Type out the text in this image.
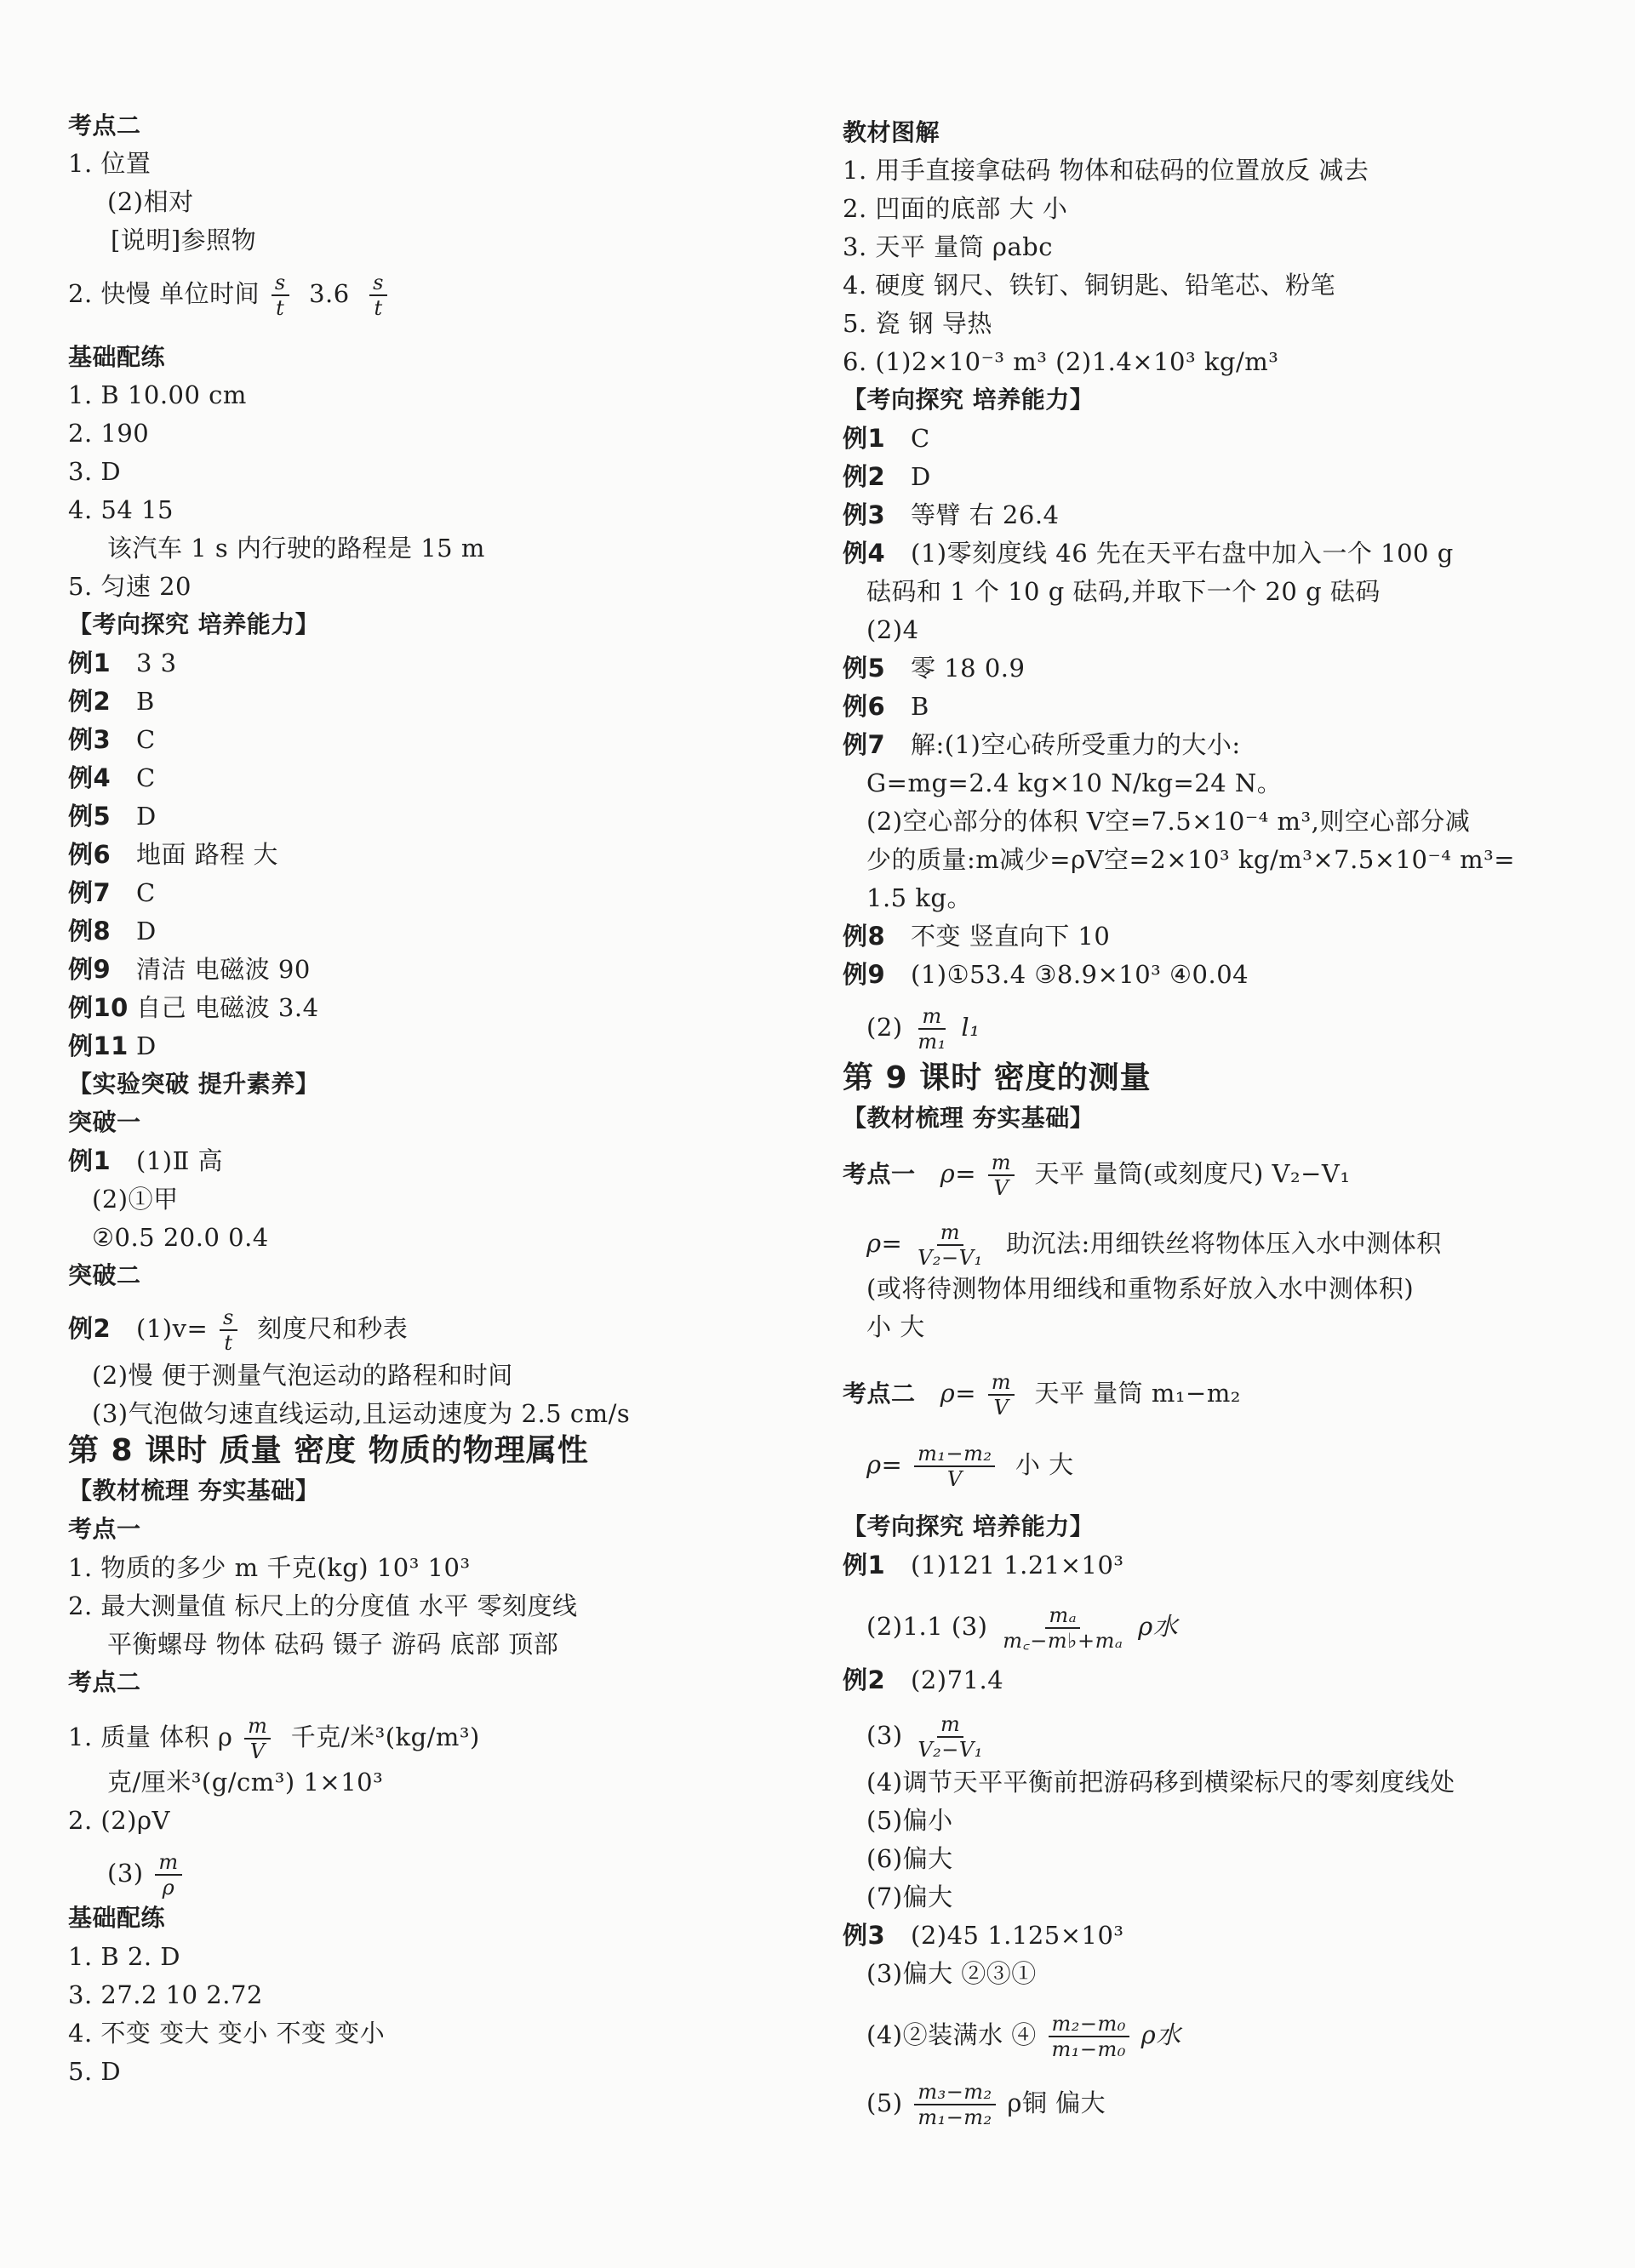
考点二
1. 位置
(2)相对
[说明]参照物
2. 快慢 单位时间 $\frac{s}{t} 3.6 \frac{s}{t}$
基础配练
1. B 10.00 cm
2. 190
3. D
4. 54 15
该汽车 1 s 内行驶的路程是 15 m
5. 匀速 20
【考向探究 培养能力】
例1 3 3
例2 B
例3 C
例4 C
例5 D
例6 地面 路程 大
例7 C
例8 D
例9 清洁 电磁波 90
例10 自己 电磁波 3.4
例11 D
【实验突破 提升素养】
突破一
例1 (1)Ⅱ 高
(2)①甲
②0.5 20.0 0.4
突破二
例2 $(1)v= \frac{s}{t}$ 刻度尺和秒表
(2)慢 便于测量气泡运动的路程和时间
(3)气泡做匀速直线运动,且运动速度为 2.5 cm/s
第 8 课时 质量 密度 物质的物理属性
【教材梳理 夯实基础】
考点一
1. 物质的多少 m 千克(kg) 10³ 10³
2. 最大测量值 标尺上的分度值 水平 零刻度线
平衡螺母 物体 砝码 镊子 游码 底部 顶部
考点二
1. 质量 体积 ρ $\frac{m}{V}$ 千克/米³(kg/m³)
克/厘米³(g/cm³) 1×10³
2. (2)ρV
$(3) \frac{m}{\rho}$
基础配练
1. B 2. D
3. 27.2 10 2.72
4. 不变 变大 变小 不变 变小
5. D
教材图解
1. 用手直接拿砝码 物体和砝码的位置放反 减去
2. 凹面的底部 大 小
3. 天平 量筒 ρabc
4. 硬度 钢尺、铁钉、铜钥匙、铅笔芯、粉笔
5. 瓷 钢 导热
6. (1)2×10⁻³ m³ (2)1.4×10³ kg/m³
【考向探究 培养能力】
例1 C
例2 D
例3 等臂 右 26.4
例4 (1)零刻度线 46 先在天平右盘中加入一个 100 g
砝码和 1 个 10 g 砝码,并取下一个 20 g 砝码
(2)4
例5 零 18 0.9
例6 B
例7 解:(1)空心砖所受重力的大小:
G=mg=2.4 kg×10 N/kg=24 N。
(2)空心部分的体积 V空=7.5×10⁻⁴ m³,则空心部分减
少的质量:m减少=ρV空=2×10³ kg/m³×7.5×10⁻⁴ m³=
1.5 kg。
例8 不变 竖直向下 10
例9 (1)①53.4 ③8.9×10³ ④0.04
$(2) \frac{m}{\text{m₁}} l_1$
第 9 课时 密度的测量
【教材梳理 夯实基础】
考点一 $\rho= \frac{m}{V}$ 天平 量筒(或刻度尺) V₂−V₁
$\rho= \frac{m}{\text{V₂−V₁}}$ 助沉法:用细铁丝将物体压入水中测体积
(或将待测物体用细线和重物系好放入水中测体积)
小 大
考点二 $\rho= \frac{m}{V}$ 天平 量筒 m₁−m₂
$\rho= \frac{\text{m₁−m₂}}{V}$ 小 大
【考向探究 培养能力】
例1 (1)121 1.21×10³
(2)1.1 $(3) \frac{\text{mₐ}}{\text{m꜀−m♭+mₐ}}$ ρ水
例2 (2)71.4
$(3) \frac{m}{\text{V₂−V₁}}$
(4)调节天平平衡前把游码移到横梁标尺的零刻度线处
(5)偏小
(6)偏大
(7)偏大
例3 (2)45 1.125×10³
(3)偏大 ②③①
(4)②装满水 ④ $\frac{\text{m₂−m₀}}{\text{m₁−m₀}}$ ρ水
$(5) \frac{\text{m₃−m₂}}{\text{m₁−m₂}}$ ρ铜 偏大
